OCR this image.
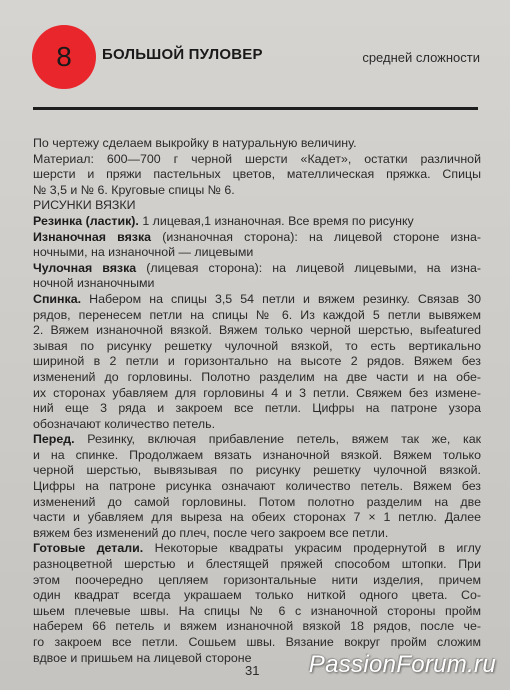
8 БОЛЬШОЙ ПУЛОВЕР	средней сложности
По чертежу сделаем выкройку в натуральную величину.
Материал: 600—700 г черной шерсти «Кадет», остатки различной
шерсти и пряжи пастельных цветов, мателлическая пряжка. Спицы
№ 3,5 и № 6. Круговые спицы № 6.
РИСУНКИ ВЯЗКИ
Резинка (ластик). 1 лицевая,1 изнаночная. Все время по рисунку
Изнаночная вязка (изнаночная сторона): на лицевой стороне изна-
ночными, на изнаночной — лицевыми
Чулочная вязка (лицевая сторона): на лицевой лицевыми, на изна-
ночной изнаночными
Спинка. Набером на спицы 3,5 54 петли и вяжем резинку. Связав 30
рядов, перенесем петли на спицы № 6. Из каждой 5 петли вывяжем
2. Вяжем изнаночной вязкой. Вяжем только черной шерстью, выfeatured
зывая по рисунку решетку чулочной вязкой, то есть вертикально
шириной в 2 петли и горизонтально на высоте 2 рядов. Вяжем без
изменений до горловины. Полотно разделим на две части и на обе-
их сторонах убавляем для горловины 4 и 3 петли. Свяжем без измене-
ний еще 3 ряда и закроем все петли. Цифры на патроне узора
обозначают количество петель.
Перед. Резинку, включая прибавление петель, вяжем так же, как
и на спинке. Продолжаем вязать изнаночной вязкой. Вяжем только
черной шерстью, вывязывая по рисунку решетку чулочной вязкой.
Цифры на патроне рисунка означают количество петель. Вяжем без
изменений до самой горловины. Потом полотно разделим на две
части и убавляем для выреза на обеих сторонах 7 × 1 петлю. Далее
вяжем без изменений до плеч, после чего закроем все петли.
Готовые детали. Некоторые квадраты украсим продернутой в иглу
разноцветной шерстью и блестящей пряжей способом штопки. При
этом поочередно цепляем горизонтальные нити изделия, причем
один квадрат всегда украшаем только ниткой одного цвета. Со-
шьем плечевые швы. На спицы № 6 с изнаночной стороны пройм
наберем 66 петель и вяжем изнаночной вязкой 18 рядов, после че-
го закроем все петли. Сошьем швы. Вязание вокруг пройм сложим
вдвое и пришьем на лицевой стороне
31 PassionForum.ru
